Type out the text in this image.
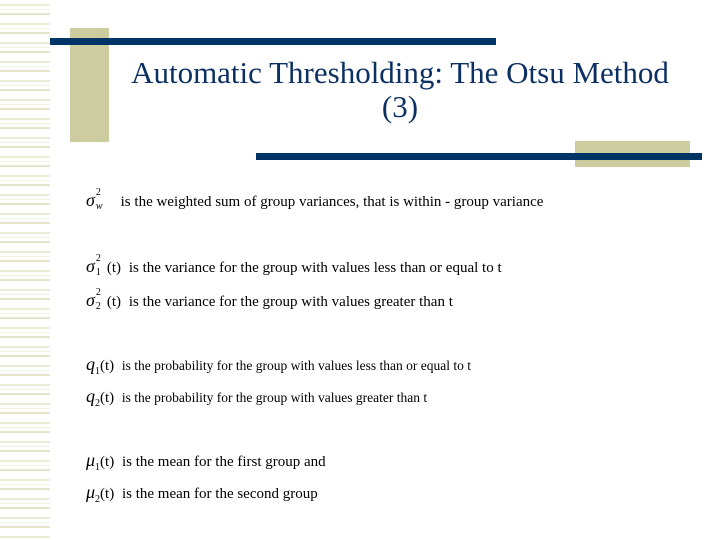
Automatic Thresholding: The Otsu Method (3)
σ 2
w is the weighted sum of group variances, that is within - group variance
σ 2
1 (t) is the variance for the group with values less than or equal to t
σ 2
2 (t) is the variance for the group with values greater than t
$q_1(t)$ is the probability for the group with values less than or equal to t
$q_2(t)$ is the probability for the group with values greater than t
$\mu_1(t)$ is the mean for the first group and
$\mu_2(t)$ is the mean for the second group
